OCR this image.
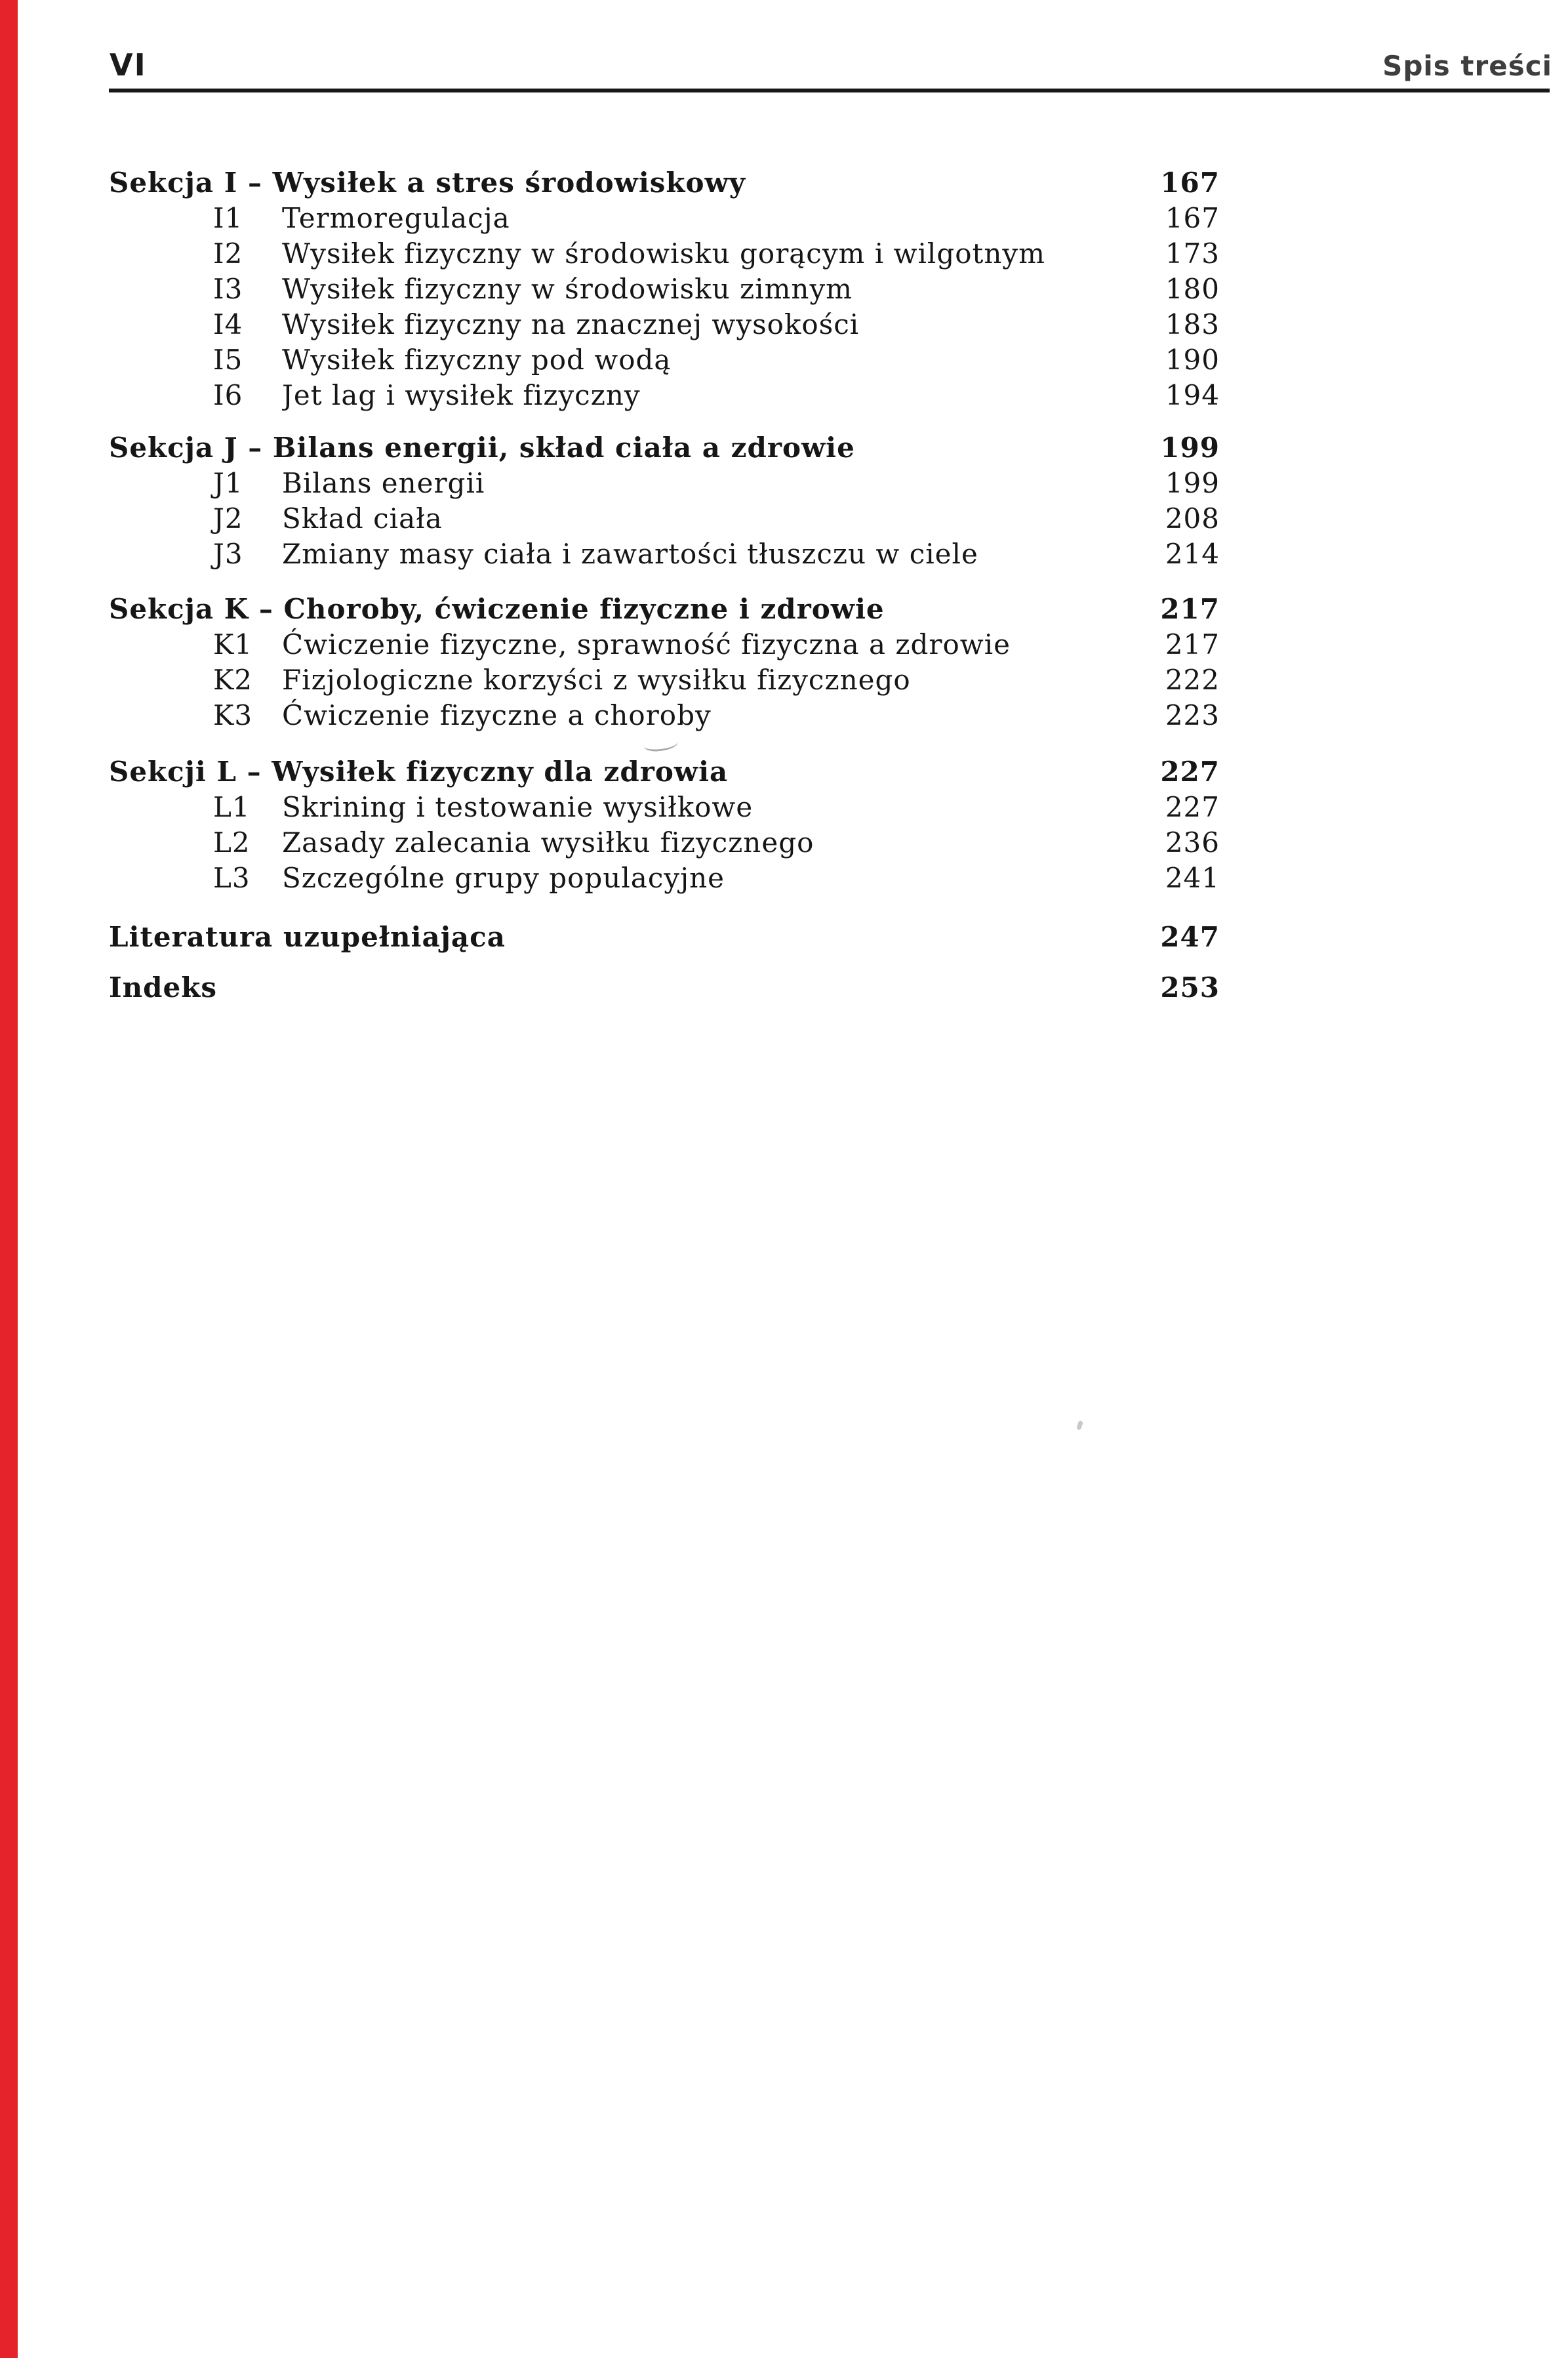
VI	Spis treści
Sekcja I – Wysiłek a stres środowiskowy	167
I1	Termoregulacja	167
I2	Wysiłek fizyczny w środowisku gorącym i wilgotnym	173
I3	Wysiłek fizyczny w środowisku zimnym	180
I4	Wysiłek fizyczny na znacznej wysokości	183
I5	Wysiłek fizyczny pod wodą	190
I6	Jet lag i wysiłek fizyczny	194
Sekcja J – Bilans energii, skład ciała a zdrowie	199
J1	Bilans energii	199
J2	Skład ciała	208
J3	Zmiany masy ciała i zawartości tłuszczu w ciele	214
Sekcja K – Choroby, ćwiczenie fizyczne i zdrowie	217
K1	Ćwiczenie fizyczne, sprawność fizyczna a zdrowie	217
K2	Fizjologiczne korzyści z wysiłku fizycznego	222
K3	Ćwiczenie fizyczne a choroby	223
Sekcji L – Wysiłek fizyczny dla zdrowia	227
L1	Skrining i testowanie wysiłkowe	227
L2	Zasady zalecania wysiłku fizycznego	236
L3	Szczególne grupy populacyjne	241
Literatura uzupełniająca	247
Indeks	253
